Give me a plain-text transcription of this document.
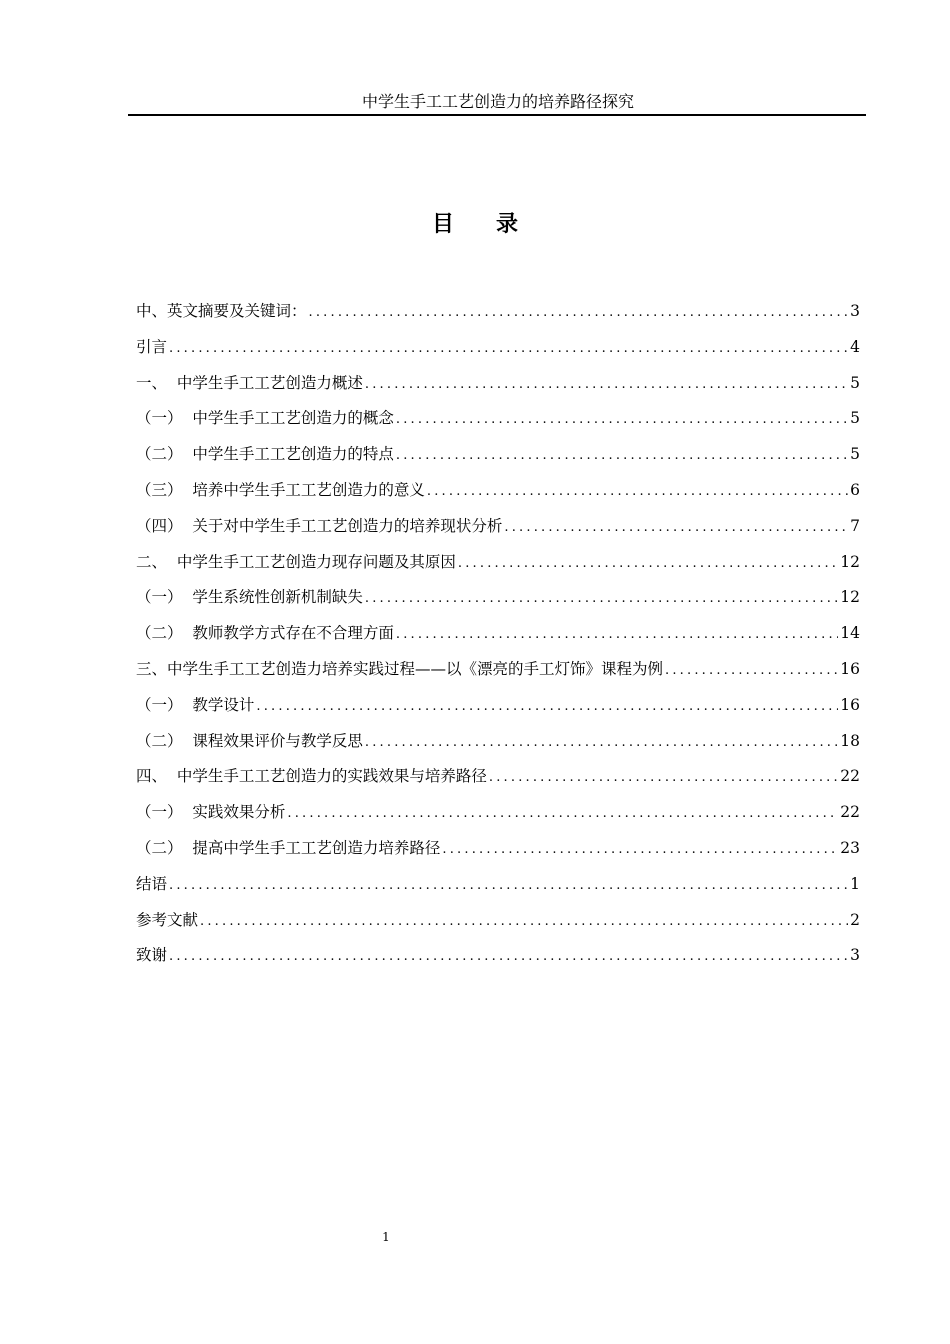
中学生手工工艺创造力的培养路径探究
目 录
中、英文摘要及关键词： .....	3
引言 .....	4
一、  中学生手工工艺创造力概述 .....	5
（一）  中学生手工工艺创造力的概念 .....	5
（二）  中学生手工工艺创造力的特点 .....	5
（三）  培养中学生手工工艺创造力的意义 .....	6
（四）  关于对中学生手工工艺创造力的培养现状分析 .....	7
二、  中学生手工工艺创造力现存问题及其原因 .....	12
（一）  学生系统性创新机制缺失 .....	12
（二）  教师教学方式存在不合理方面 .....	14
三、中学生手工工艺创造力培养实践过程——以《漂亮的手工灯饰》课程为例 .....	16
（一）  教学设计 .....	16
（二）  课程效果评价与教学反思 .....	18
四、  中学生手工工艺创造力的实践效果与培养路径 .....	22
（一）  实践效果分析 .....	22
（二）  提高中学生手工工艺创造力培养路径 .....	23
结语 .....	1
参考文献 .....	2
致谢 .....	3
1
